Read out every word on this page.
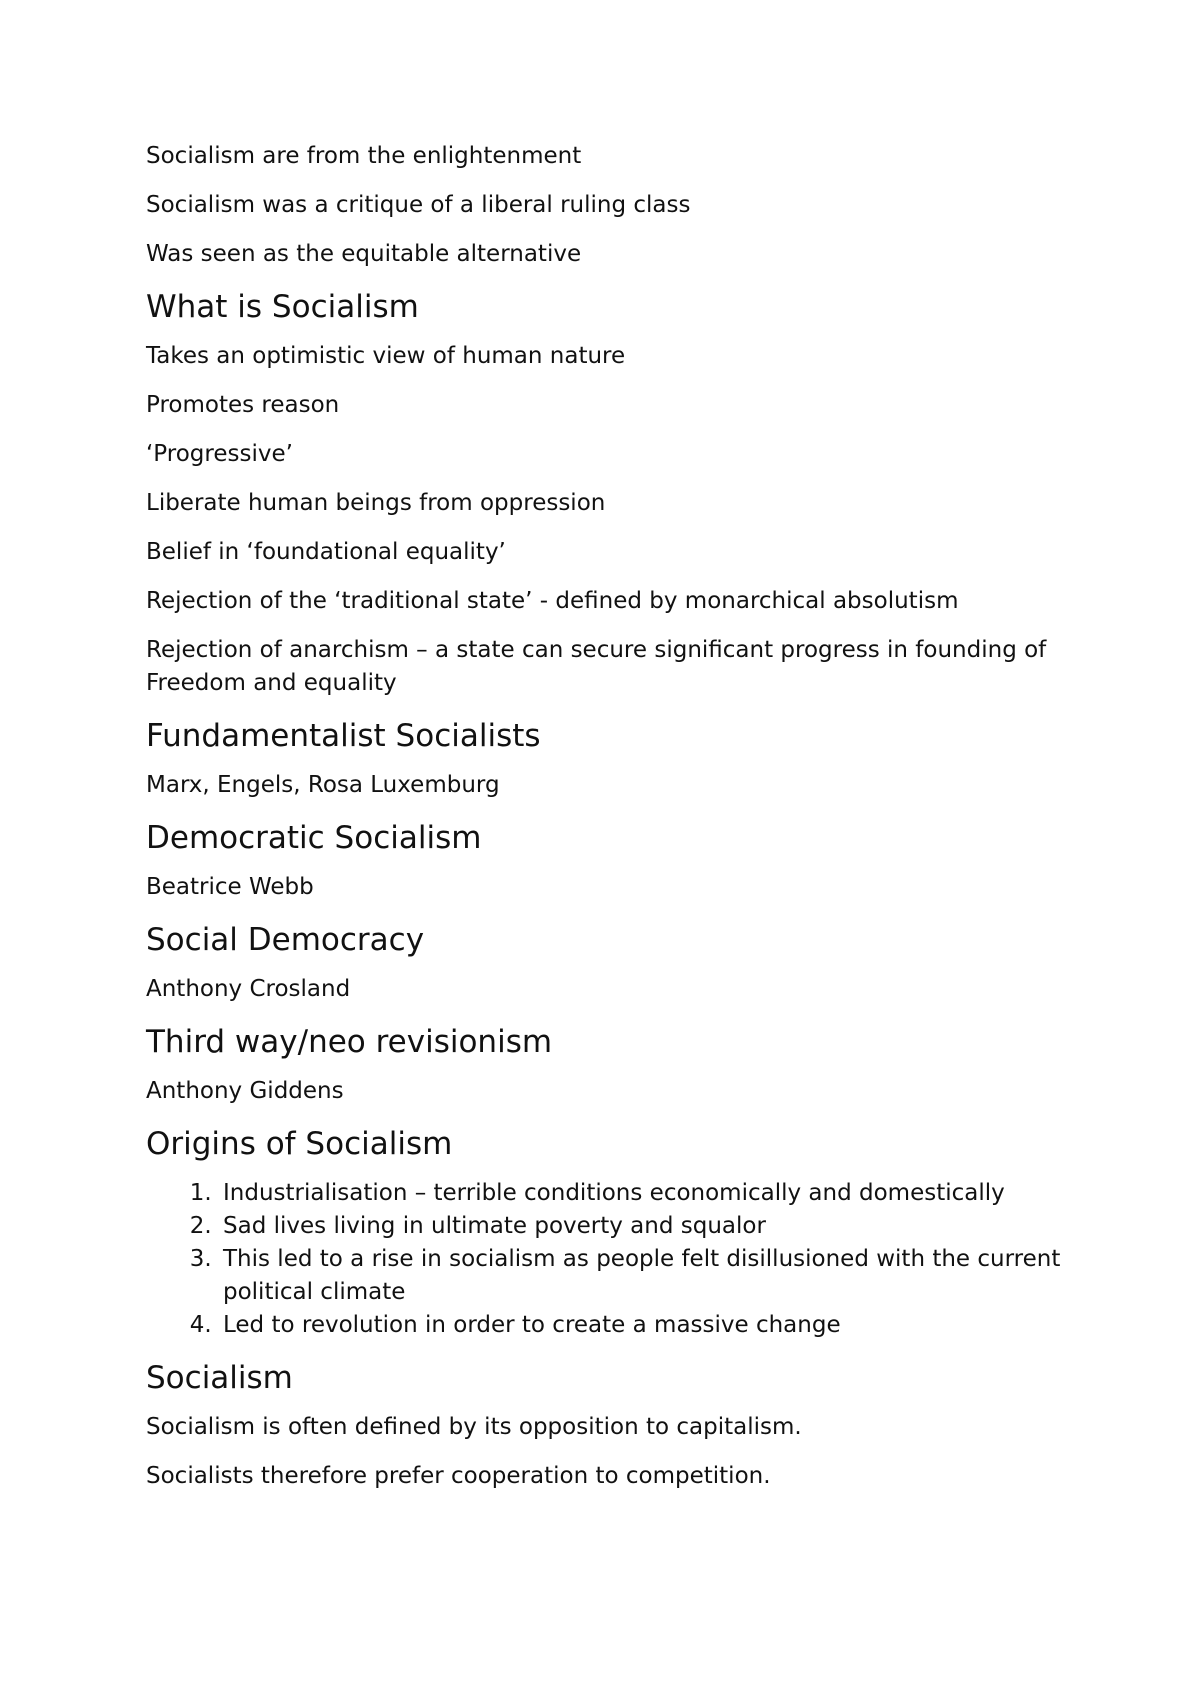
Socialism are from the enlightenment

Socialism was a critique of a liberal ruling class

Was seen as the equitable alternative

What is Socialism

Takes an optimistic view of human nature

Promotes reason

‘Progressive’

Liberate human beings from oppression

Belief in ‘foundational equality’

Rejection of the ‘traditional state’ - defined by monarchical absolutism

Rejection of anarchism – a state can secure significant progress in founding of Freedom and equality

Fundamentalist Socialists

Marx, Engels, Rosa Luxemburg

Democratic Socialism

Beatrice Webb

Social Democracy

Anthony Crosland

Third way/neo revisionism

Anthony Giddens

Origins of Socialism
1. Industrialisation – terrible conditions economically and domestically
2. Sad lives living in ultimate poverty and squalor
3. This led to a rise in socialism as people felt disillusioned with the current political climate
4. Led to revolution in order to create a massive change
Socialism

Socialism is often defined by its opposition to capitalism.

Socialists therefore prefer cooperation to competition.
